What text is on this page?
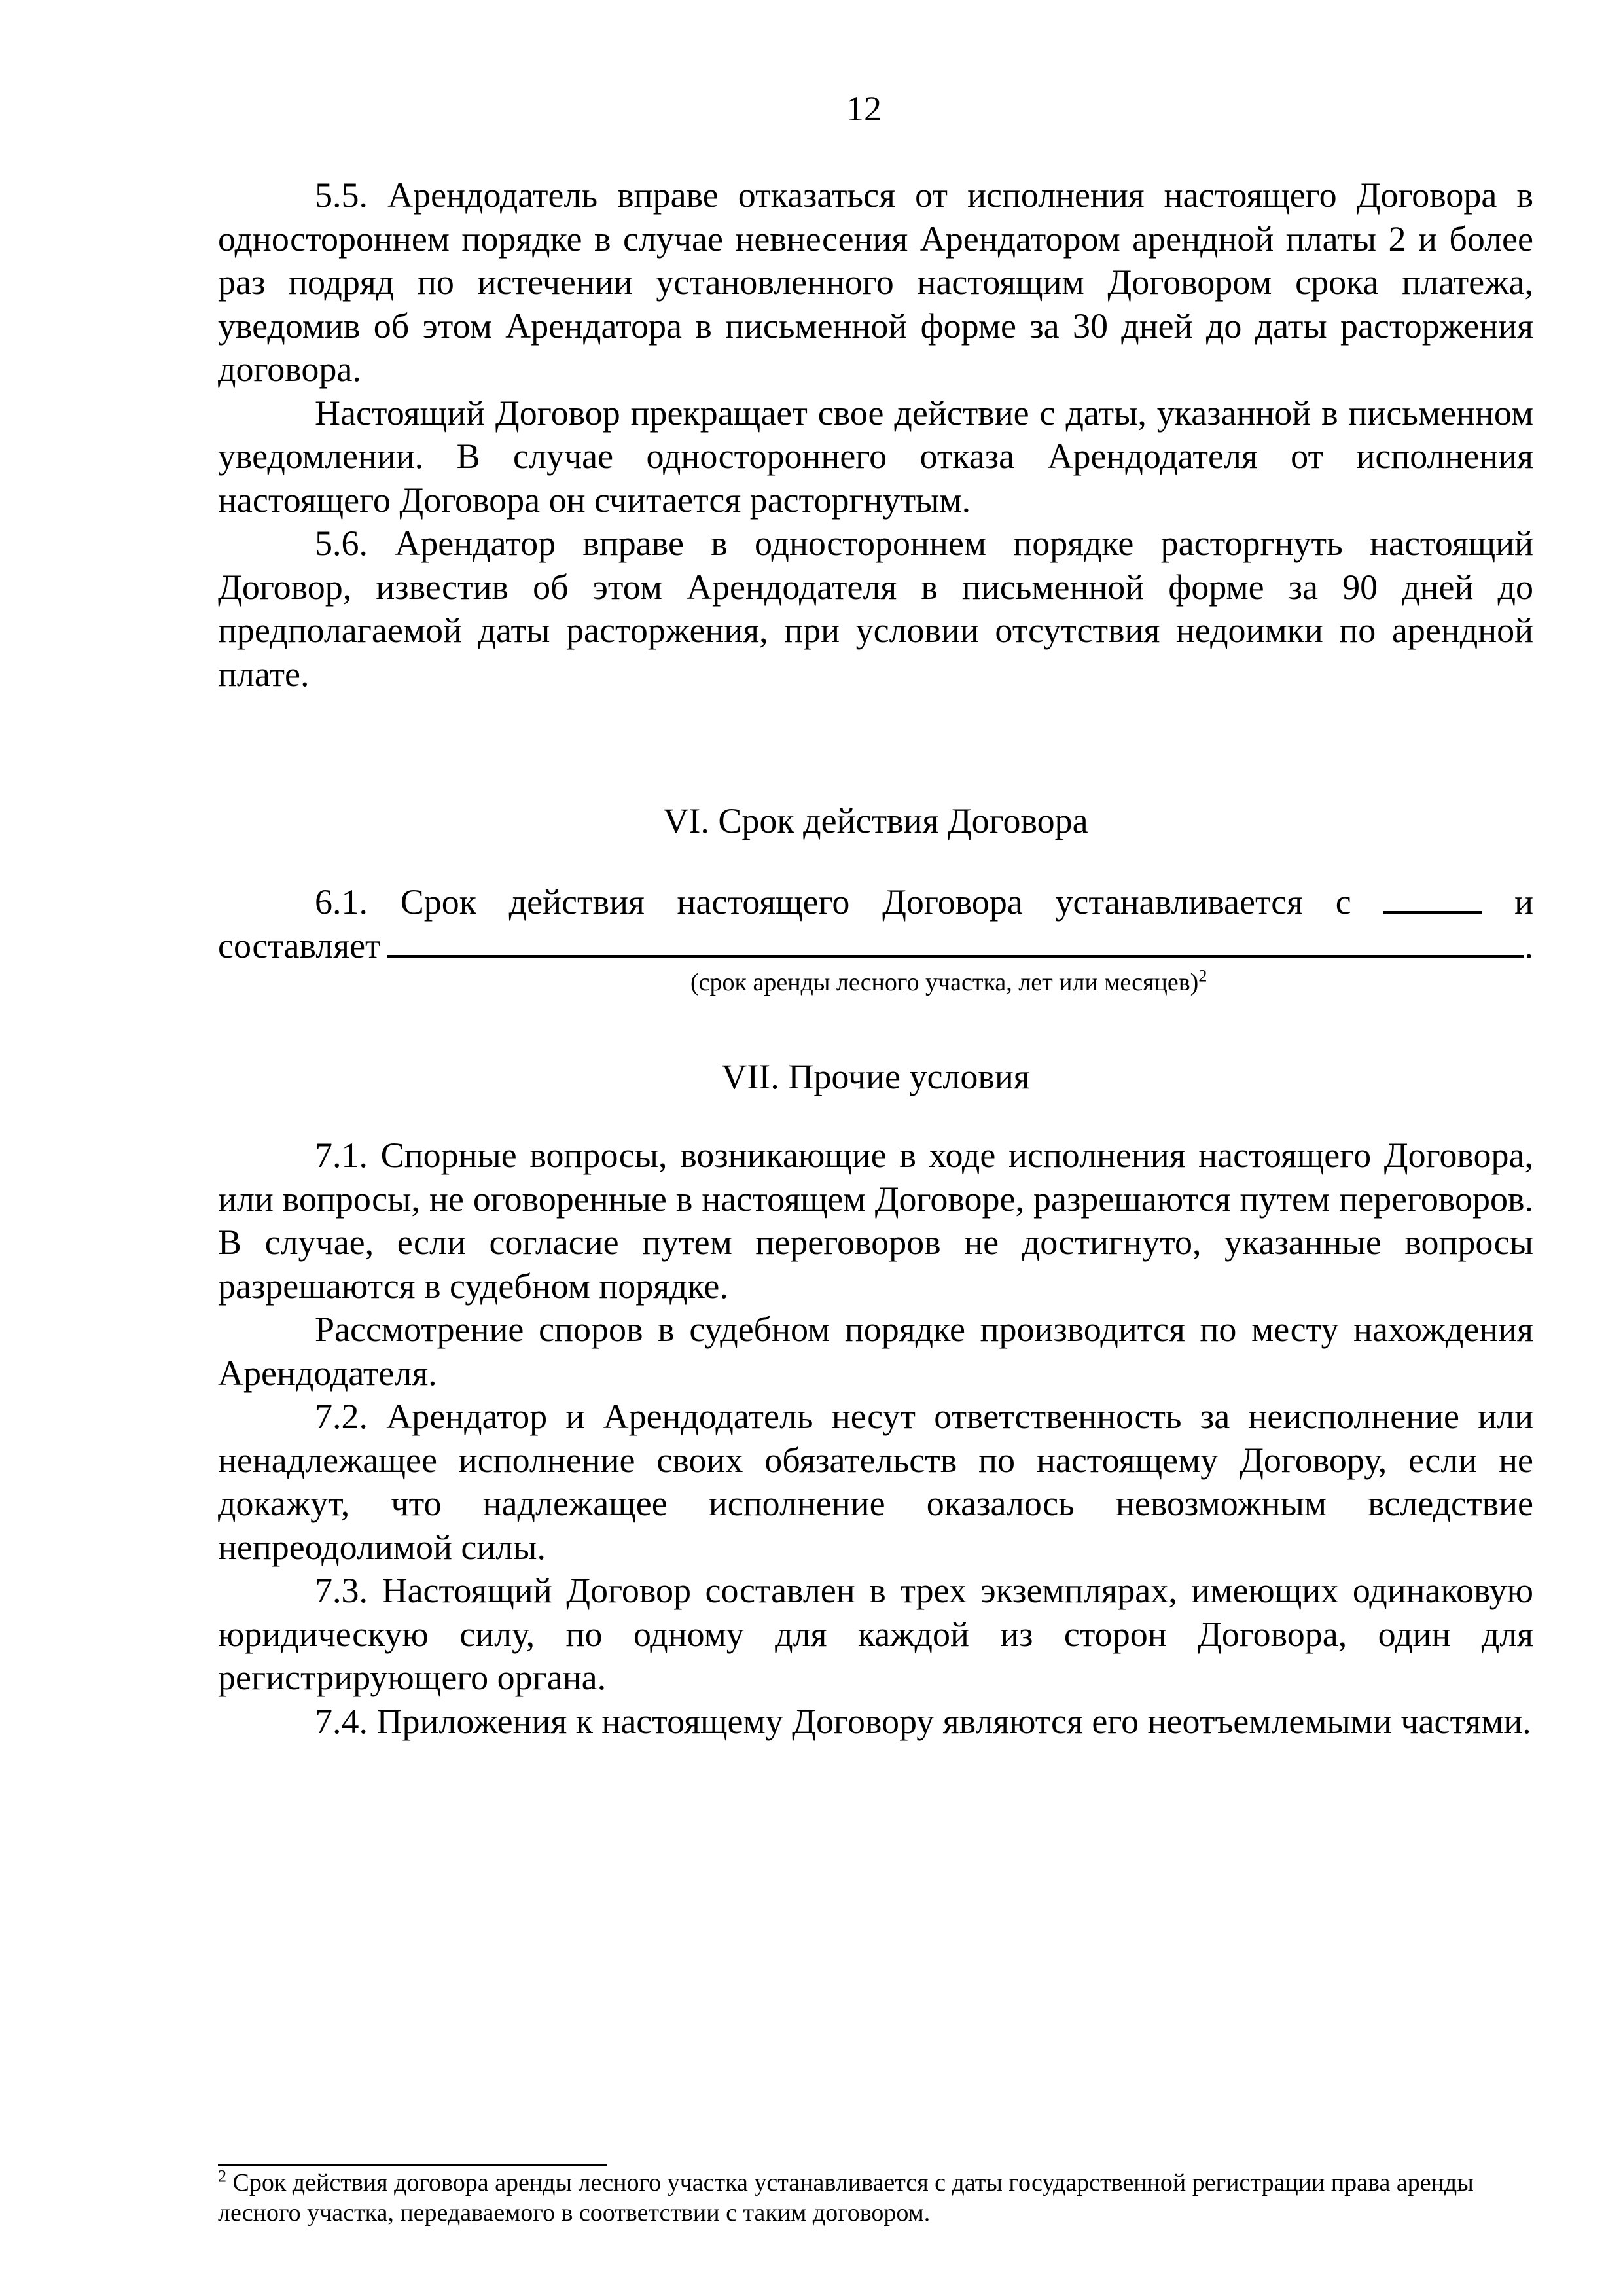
12

5.5. Арендодатель вправе отказаться от исполнения настоящего Договора в одностороннем порядке в случае невнесения Арендатором арендной платы 2 и более раз подряд по истечении установленного настоящим Договором срока платежа, уведомив об этом Арендатора в письменной форме за 30 дней до даты расторжения договора.

Настоящий Договор прекращает свое действие с даты, указанной в письменном уведомлении. В случае одностороннего отказа Арендодателя от исполнения настоящего Договора он считается расторгнутым.

5.6. Арендатор вправе в одностороннем порядке расторгнуть настоящий Договор, известив об этом Арендодателя в письменной форме за 90 дней до предполагаемой даты расторжения, при условии отсутствия недоимки по арендной плате.

VI. Срок действия Договора

6.1. Срок действия настоящего Договора устанавливается с	и

составляет	.
(срок аренды лесного участка, лет или месяцев)$^2$
VII. Прочие условия

7.1. Спорные вопросы, возникающие в ходе исполнения настоящего Договора, или вопросы, не оговоренные в настоящем Договоре, разрешаются путем переговоров. В случае, если согласие путем переговоров не достигнуто, указанные вопросы разрешаются в судебном порядке.

Рассмотрение споров в судебном порядке производится по месту нахождения Арендодателя.

7.2. Арендатор и Арендодатель несут ответственность за неисполнение или ненадлежащее исполнение своих обязательств по настоящему Договору, если не докажут, что надлежащее исполнение оказалось невозможным вследствие непреодолимой силы.

7.3. Настоящий Договор составлен в трех экземплярах, имеющих одинаковую юридическую силу, по одному для каждой из сторон Договора, один для регистрирующего органа.

7.4. Приложения к настоящему Договору являются его неотъемлемыми частями.

$^2$ Срок действия договора аренды лесного участка устанавливается с даты государственной регистрации права аренды лесного участка, передаваемого в соответствии с таким договором.
